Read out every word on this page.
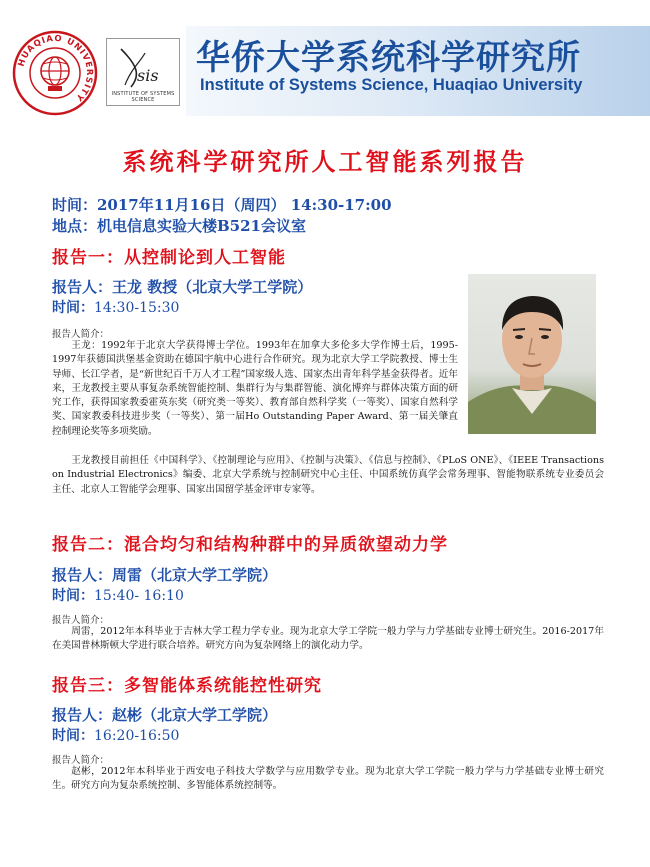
HUAQIAO UNIVERSITY
sis
INSTITUTE OF SYSTEMS SCIENCE
华侨大学系统科学研究所
Institute of Systems Science, Huaqiao University
系统科学研究所人工智能系列报告
时间：2017年11月16日（周四） 14:30-17:00
地点：机电信息实验大楼B521会议室
报告一：从控制论到人工智能
报告人：王龙 教授（北京大学工学院）
时间：14:30-15:30
报告人简介：

王龙：1992年于北京大学获得博士学位。1993年在加拿大多伦多大学作博士后，1995-1997年获德国洪堡基金资助在德国宇航中心进行合作研究。现为北京大学工学院教授、博士生导师、长江学者，是“新世纪百千万人才工程”国家级人选、国家杰出青年科学基金获得者。近年来，王龙教授主要从事复杂系统智能控制、集群行为与集群智能、演化博弈与群体决策方面的研究工作，获得国家教委霍英东奖（研究类一等奖）、教育部自然科学奖（一等奖）、国家自然科学奖、国家教委科技进步奖（一等奖）、第一届Ho Outstanding Paper Award、第一届关肇直控制理论奖等多项奖励。

王龙教授目前担任《中国科学》、《控制理论与应用》、《控制与决策》、《信息与控制》、《PLoS ONE》、《IEEE Transactions on Industrial Electronics》编委、北京大学系统与控制研究中心主任、中国系统仿真学会常务理事、智能物联系统专业委员会主任、北京人工智能学会理事、国家出国留学基金评审专家等。

报告二：混合均匀和结构种群中的异质欲望动力学
报告人：周雷（北京大学工学院）
时间：15:40- 16:10
报告人简介：

周雷，2012年本科毕业于吉林大学工程力学专业。现为北京大学工学院一般力学与力学基础专业博士研究生。2016-2017年在美国普林斯顿大学进行联合培养。研究方向为复杂网络上的演化动力学。

报告三：多智能体系统能控性研究
报告人：赵彬（北京大学工学院）
时间：16:20-16:50
报告人简介：

赵彬，2012年本科毕业于西安电子科技大学数学与应用数学专业。现为北京大学工学院一般力学与力学基础专业博士研究生。研究方向为复杂系统控制、多智能体系统控制等。
